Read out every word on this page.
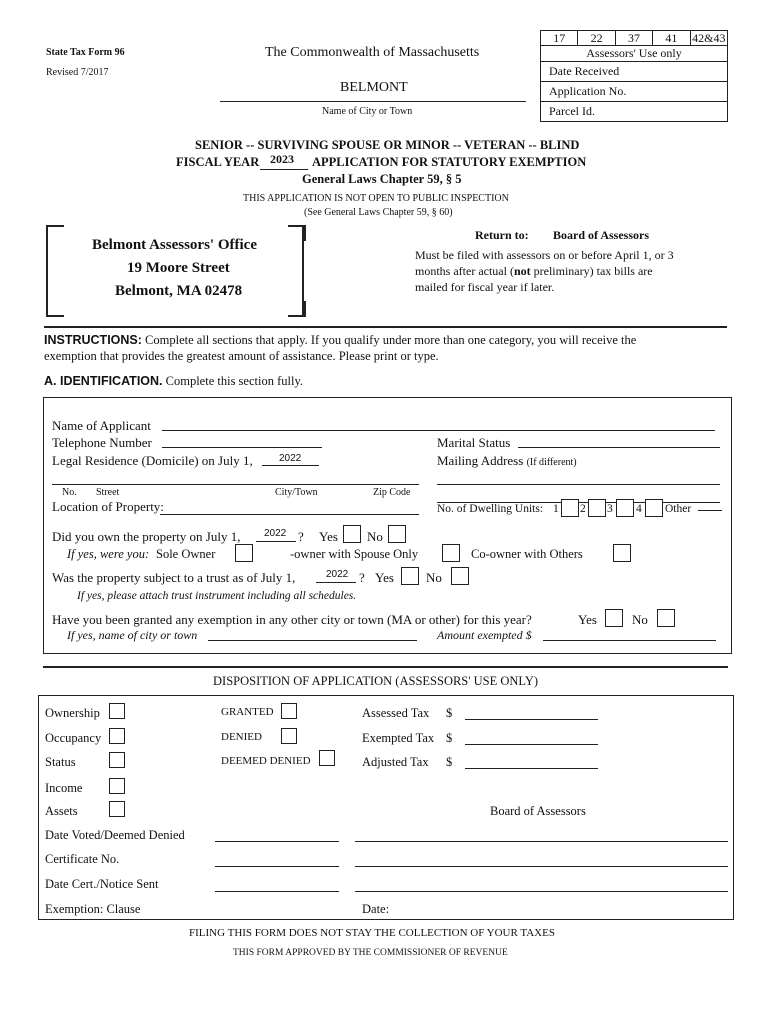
State Tax Form 96
Revised 7/2017
The Commonwealth of Massachusetts
BELMONT
Name of City or Town
17	22	37	41	42&43
Assessors' Use only
Date Received
Application No.
Parcel Id.
SENIOR -- SURVIVING SPOUSE OR MINOR -- VETERAN -- BLIND
FISCAL YEAR 2023 APPLICATION FOR STATUTORY EXEMPTION
General Laws Chapter 59, § 5
THIS APPLICATION IS NOT OPEN TO PUBLIC INSPECTION
(See General Laws Chapter 59, § 60)
Belmont Assessors' Office
19 Moore Street
Belmont, MA 02478
Return to: Board of Assessors
Must be filed with assessors on or before April 1, or 3
months after actual (not preliminary) tax bills are
mailed for fiscal year if later.
INSTRUCTIONS: Complete all sections that apply. If you qualify under more than one category, you will receive the
exemption that provides the greatest amount of assistance. Please print or type.
A. IDENTIFICATION. Complete this section fully.
Name of Applicant
Telephone Number	Marital Status
Legal Residence (Domicile) on July 1,	2022	Mailing Address (If different)
No. Street	City/Town	Zip Code
Location of Property:	No. of Dwelling Units: 1 2 3 4 Other
Did you own the property on July 1, 2022 ? Yes No
If yes, were you: Sole Owner	-owner with Spouse Only	Co-owner with Others
Was the property subject to a trust as of July 1,	2022 ? Yes No
If yes, please attach trust instrument including all schedules.
Have you been granted any exemption in any other city or town (MA or other) for this year?	Yes	No
If yes, name of city or town	Amount exempted $
DISPOSITION OF APPLICATION (ASSESSORS' USE ONLY)
Ownership
Occupancy
Status
Income
Assets
GRANTED
DENIED
DEEMED DENIED
Assessed Tax $
Exempted Tax $
Adjusted Tax $
Board of Assessors
Date Voted/Deemed Denied
Certificate No.
Date Cert./Notice Sent
Exemption: Clause	Date:
FILING THIS FORM DOES NOT STAY THE COLLECTION OF YOUR TAXES
THIS FORM APPROVED BY THE COMMISSIONER OF REVENUE
